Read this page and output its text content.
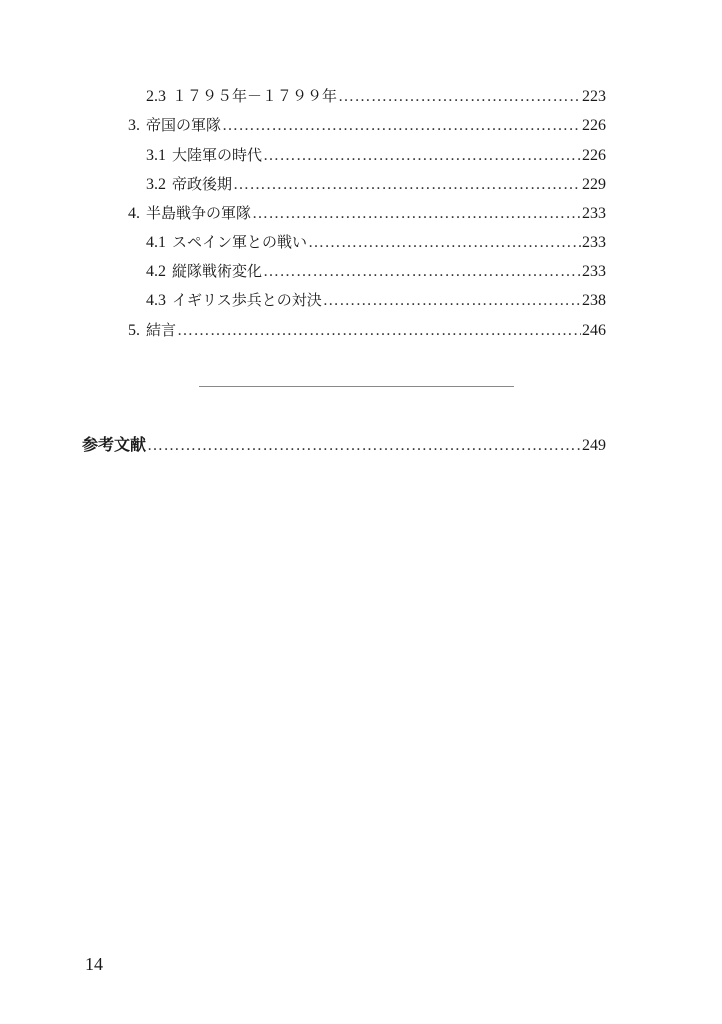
2.3 １７９５年－１７９９年 …………………………………………………………………………………………………………………………………………………………………………………………………………………………	223
3. 帝国の軍隊 …………………………………………………………………………………………………………………………………………………………………………………………………………………………	226
3.1 大陸軍の時代 …………………………………………………………………………………………………………………………………………………………………………………………………………………………	226
3.2 帝政後期 …………………………………………………………………………………………………………………………………………………………………………………………………………………………	229
4. 半島戦争の軍隊 …………………………………………………………………………………………………………………………………………………………………………………………………………………………	233
4.1 スペイン軍との戦い …………………………………………………………………………………………………………………………………………………………………………………………………………………………	233
4.2 縦隊戦術変化 …………………………………………………………………………………………………………………………………………………………………………………………………………………………	233
4.3 イギリス歩兵との対決 …………………………………………………………………………………………………………………………………………………………………………………………………………………………	238
5. 結言 …………………………………………………………………………………………………………………………………………………………………………………………………………………………	246
参考文献 …………………………………………………………………………………………………………………………………………………………………………………………………………………………	249
14
